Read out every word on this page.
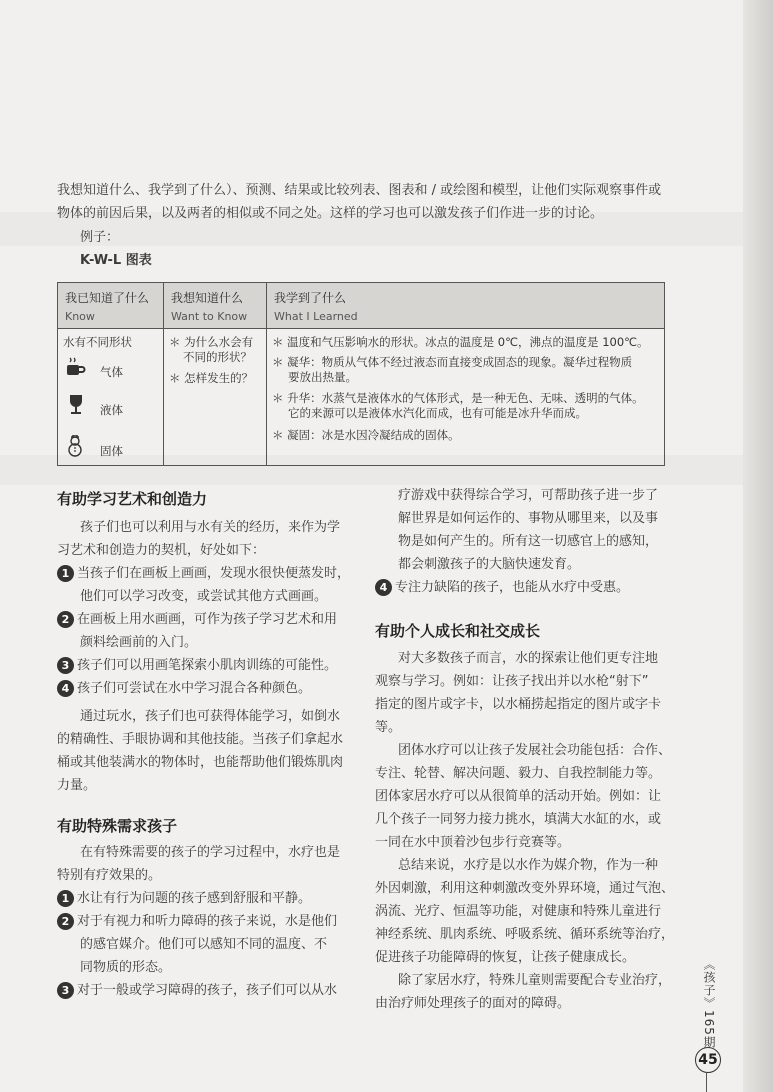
我想知道什么、我学到了什么）、预测、结果或比较列表、图表和 / 或绘图和模型，让他们实际观察事件或
物体的前因后果，以及两者的相似或不同之处。这样的学习也可以激发孩子们作进一步的讨论。
例子：
K-W-L 图表
我已知道了什么
Know
我想知道什么
Want to Know
我学到了什么
What I Learned
水有不同形状
气体
液体
固体
＊ 为什么水会有
不同的形状？
＊ 怎样发生的？
＊ 温度和气压影响水的形状。冰点的温度是 0℃，沸点的温度是 100℃。
＊ 凝华：物质从气体不经过液态而直接变成固态的现象。凝华过程物质
要放出热量。
＊ 升华：水蒸气是液体水的气体形式，是一种无色、无味、透明的气体。
它的来源可以是液体水汽化而成，也有可能是冰升华而成。
＊ 凝固：冰是水因冷凝结成的固体。
有助学习艺术和创造力
孩子们也可以利用与水有关的经历，来作为学
习艺术和创造力的契机，好处如下：
1 当孩子们在画板上画画，发现水很快便蒸发时，
他们可以学习改变，或尝试其他方式画画。
2 在画板上用水画画，可作为孩子学习艺术和用
颜料绘画前的入门。
3 孩子们可以用画笔探索小肌肉训练的可能性。
4 孩子们可尝试在水中学习混合各种颜色。
通过玩水，孩子们也可获得体能学习，如倒水
的精确性、手眼协调和其他技能。当孩子们拿起水
桶或其他装满水的物体时，也能帮助他们锻炼肌肉
力量。
有助特殊需求孩子
在有特殊需要的孩子的学习过程中，水疗也是
特别有疗效果的。
1 水让有行为问题的孩子感到舒服和平静。
2 对于有视力和听力障碍的孩子来说，水是他们
的感官媒介。他们可以感知不同的温度、不
同物质的形态。
3 对于一般或学习障碍的孩子，孩子们可以从水
疗游戏中获得综合学习，可帮助孩子进一步了
解世界是如何运作的、事物从哪里来，以及事
物是如何产生的。所有这一切感官上的感知，
都会刺激孩子的大脑快速发育。
4 专注力缺陷的孩子，也能从水疗中受惠。
有助个人成长和社交成长
对大多数孩子而言，水的探索让他们更专注地
观察与学习。例如：让孩子找出并以水枪“射下”
指定的图片或字卡，以水桶捞起指定的图片或字卡
等。
团体水疗可以让孩子发展社会功能包括：合作、
专注、轮替、解决问题、毅力、自我控制能力等。
团体家居水疗可以从很简单的活动开始。例如：让
几个孩子一同努力接力挑水，填满大水缸的水，或
一同在水中顶着沙包步行竞赛等。
总结来说，水疗是以水作为媒介物，作为一种
外因刺激，利用这种刺激改变外界环境，通过气泡、
涡流、光疗、恒温等功能，对健康和特殊儿童进行
神经系统、肌肉系统、呼吸系统、循环系统等治疗，
促进孩子功能障碍的恢复，让孩子健康成长。
除了家居水疗，特殊儿童则需要配合专业治疗，
由治疗师处理孩子的面对的障碍。	《孩子》165期
45
